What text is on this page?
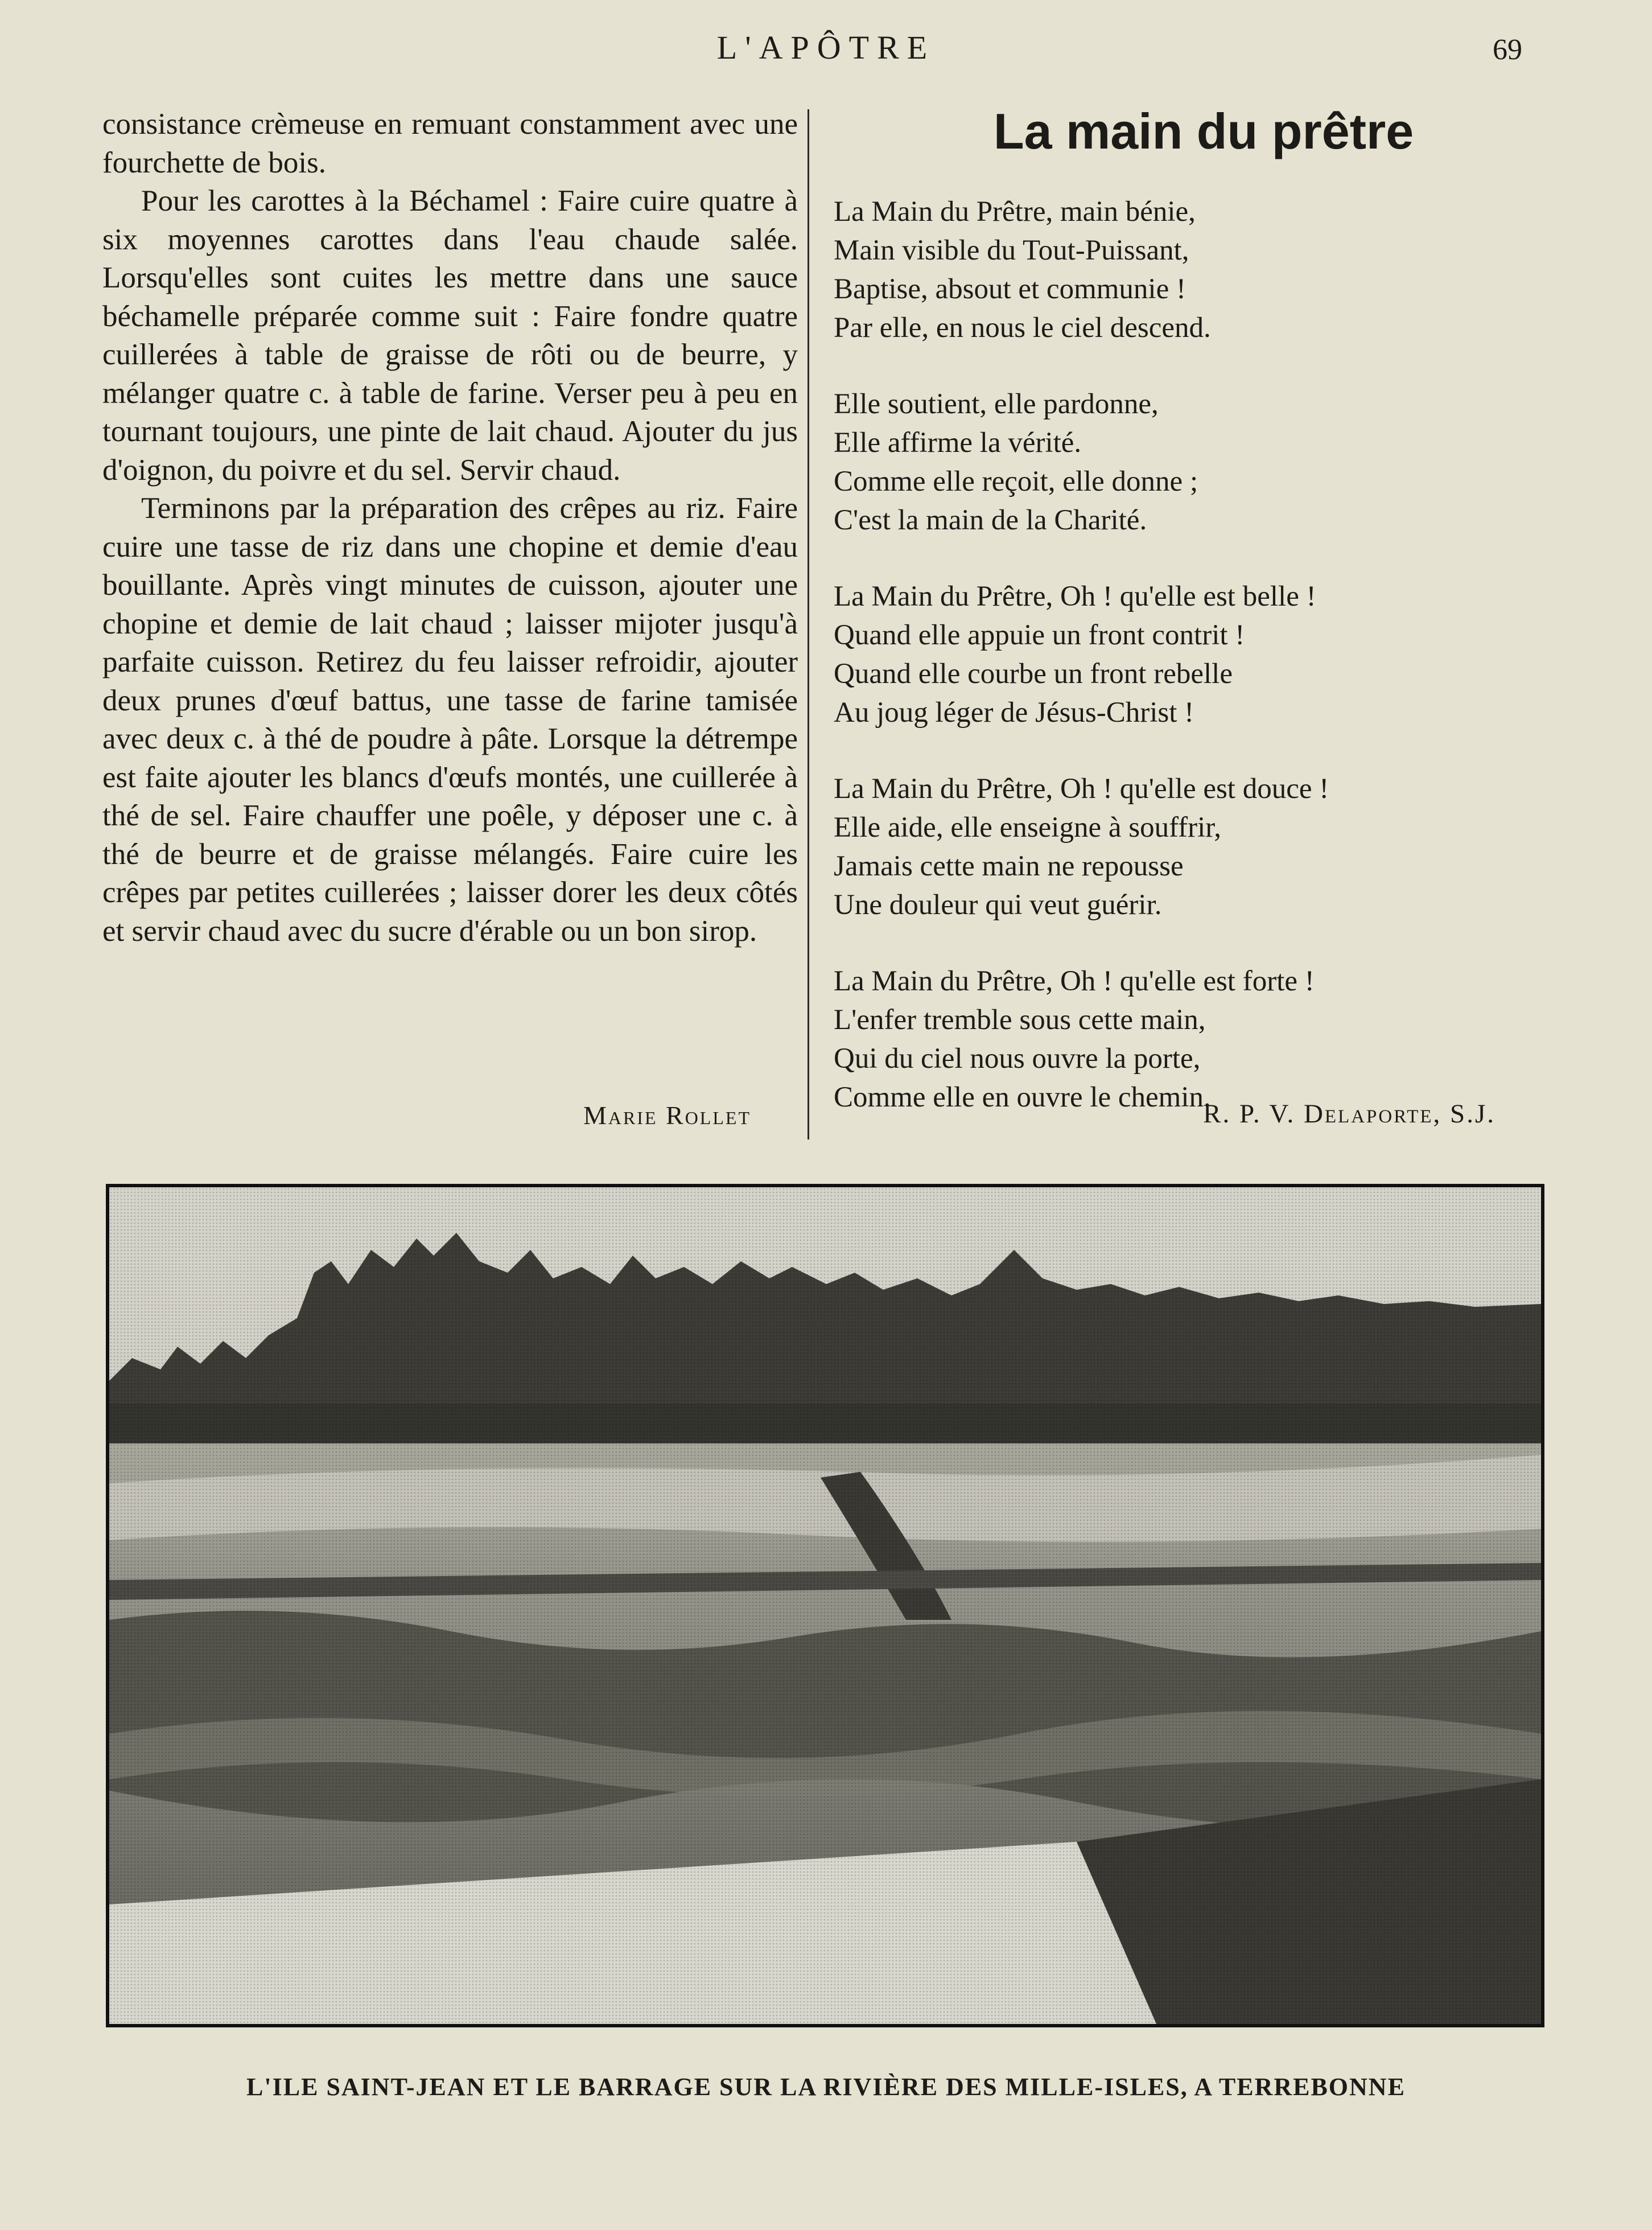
L'APÔTRE	69

consistance crèmeuse en remuant constamment avec une fourchette de bois.

Pour les carottes à la Béchamel : Faire cuire quatre à six moyennes carottes dans l'eau chaude salée. Lorsqu'elles sont cuites les mettre dans une sauce béchamelle préparée comme suit : Faire fondre quatre cuillerées à table de graisse de rôti ou de beurre, y mélanger quatre c. à table de farine. Verser peu à peu en tournant toujours, une pinte de lait chaud. Ajouter du jus d'oignon, du poivre et du sel. Servir chaud.

Terminons par la préparation des crêpes au riz. Faire cuire une tasse de riz dans une chopine et demie d'eau bouillante. Après vingt minutes de cuisson, ajouter une chopine et demie de lait chaud ; laisser mijoter jusqu'à parfaite cuisson. Retirez du feu laisser refroidir, ajouter deux prunes d'œuf battus, une tasse de farine tamisée avec deux c. à thé de poudre à pâte. Lorsque la détrempe est faite ajouter les blancs d'œufs montés, une cuillerée à thé de sel. Faire chauffer une poêle, y déposer une c. à thé de beurre et de graisse mélangés. Faire cuire les crêpes par petites cuillerées ; laisser dorer les deux côtés et servir chaud avec du sucre d'érable ou un bon sirop.

Marie Rollet
La main du prêtre
La Main du Prêtre, main bénie,
Main visible du Tout-Puissant,
Baptise, absout et communie !
Par elle, en nous le ciel descend.
Elle soutient, elle pardonne,
Elle affirme la vérité.
Comme elle reçoit, elle donne ;
C'est la main de la Charité.
La Main du Prêtre, Oh ! qu'elle est belle !
Quand elle appuie un front contrit !
Quand elle courbe un front rebelle
Au joug léger de Jésus-Christ !
La Main du Prêtre, Oh ! qu'elle est douce !
Elle aide, elle enseigne à souffrir,
Jamais cette main ne repousse
Une douleur qui veut guérir.
La Main du Prêtre, Oh ! qu'elle est forte !
L'enfer tremble sous cette main,
Qui du ciel nous ouvre la porte,
Comme elle en ouvre le chemin.
R. P. V. Delaporte, S.J.
L'ILE SAINT-JEAN ET LE BARRAGE SUR LA RIVIÈRE DES MILLE-ISLES, A TERREBONNE
